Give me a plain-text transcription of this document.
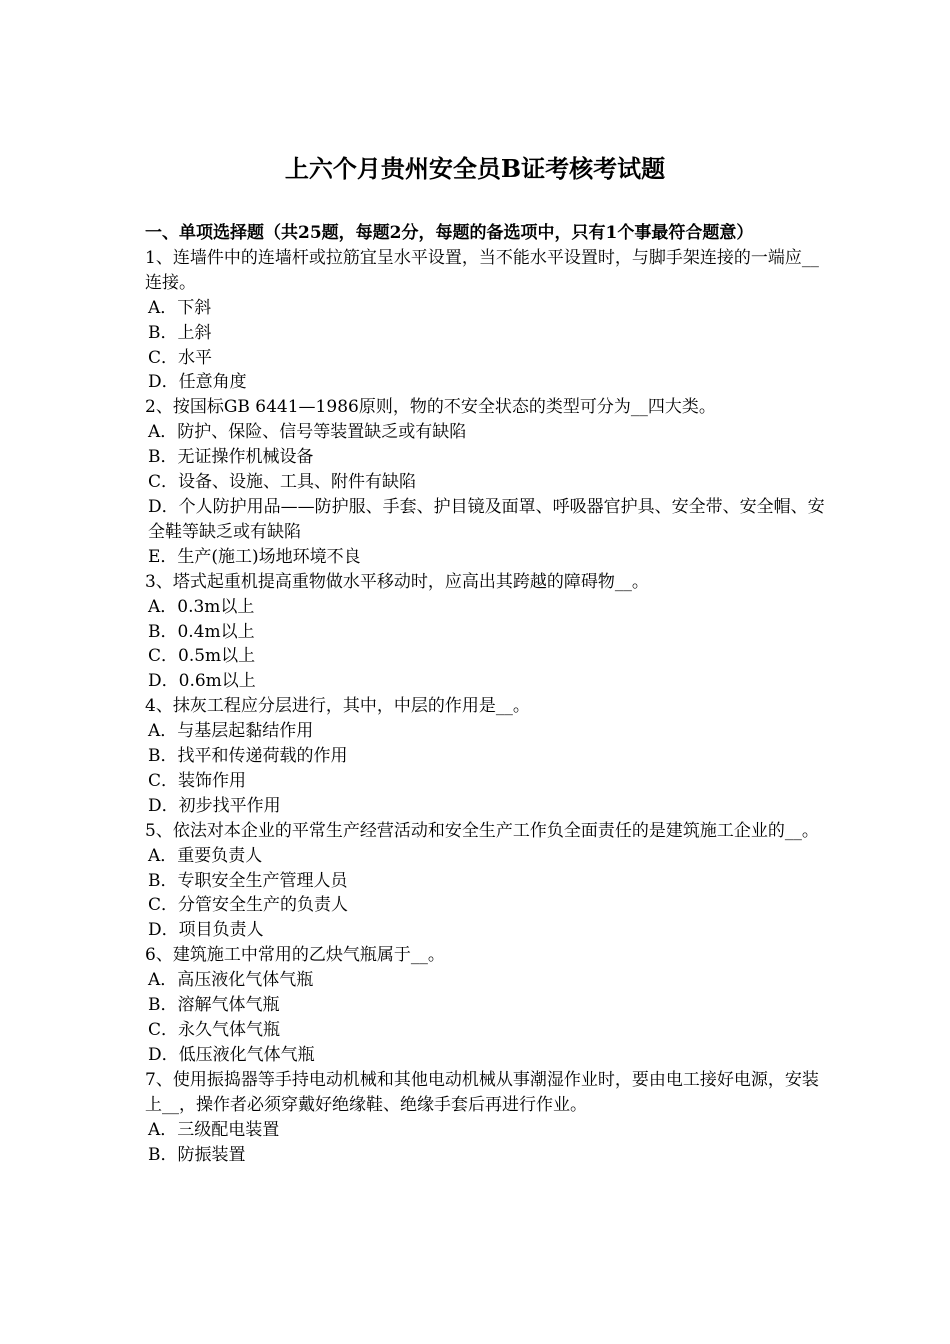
上六个月贵州安全员B证考核考试题
一、单项选择题（共25题，每题2分，每题的备选项中，只有1个事最符合题意）

1、连墙件中的连墙杆或拉筋宜呈水平设置，当不能水平设置时，与脚手架连接的一端应__连接。

A．下斜

B．上斜

C．水平

D．任意角度

2、按国标GB 6441—1986原则，物的不安全状态的类型可分为__四大类。

A．防护、保险、信号等装置缺乏或有缺陷

B．无证操作机械设备

C．设备、设施、工具、附件有缺陷

D．个人防护用品——防护服、手套、护目镜及面罩、呼吸器官护具、安全带、安全帽、安全鞋等缺乏或有缺陷

E．生产(施工)场地环境不良

3、塔式起重机提高重物做水平移动时，应高出其跨越的障碍物__。

A．0.3m以上

B．0.4m以上

C．0.5m以上

D．0.6m以上

4、抹灰工程应分层进行，其中，中层的作用是__。

A．与基层起黏结作用

B．找平和传递荷载的作用

C．装饰作用

D．初步找平作用

5、依法对本企业的平常生产经营活动和安全生产工作负全面责任的是建筑施工企业的__。

A．重要负责人

B．专职安全生产管理人员

C．分管安全生产的负责人

D．项目负责人

6、建筑施工中常用的乙炔气瓶属于__。

A．高压液化气体气瓶

B．溶解气体气瓶

C．永久气体气瓶

D．低压液化气体气瓶

7、使用振捣器等手持电动机械和其他电动机械从事潮湿作业时，要由电工接好电源，安装上__，操作者必须穿戴好绝缘鞋、绝缘手套后再进行作业。

A．三级配电装置

B．防振装置
